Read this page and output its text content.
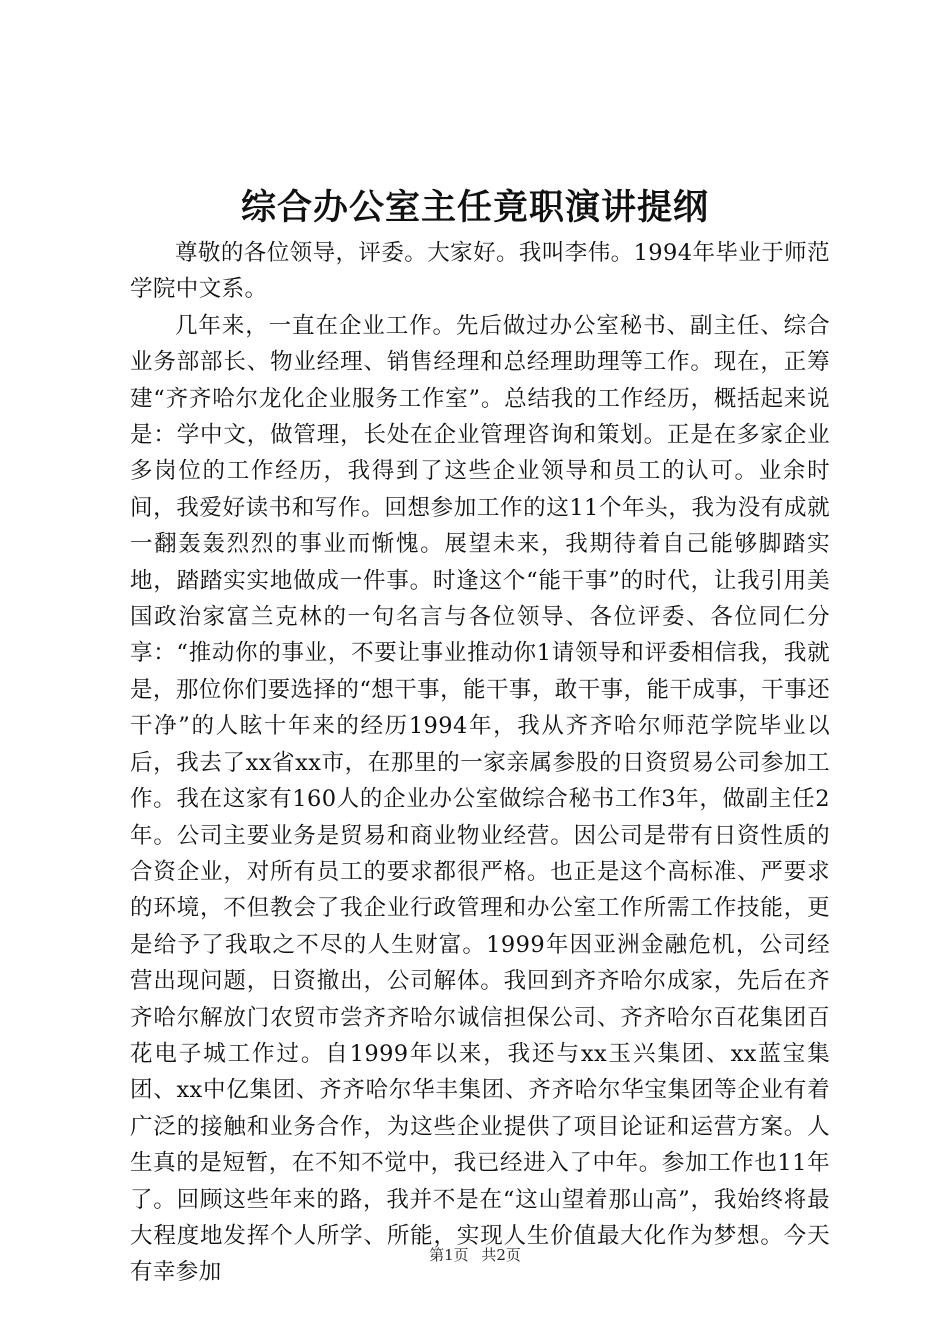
综合办公室主任竟职演讲提纲

尊敬的各位领导，评委。大家好。我叫李伟。1994年毕业于师范学院中文系。

几年来，一直在企业工作。先后做过办公室秘书、副主任、综合业务部部长、物业经理、销售经理和总经理助理等工作。现在，正筹建“齐齐哈尔龙化企业服务工作室”。总结我的工作经历，概括起来说是：学中文，做管理，长处在企业管理咨询和策划。正是在多家企业多岗位的工作经历，我得到了这些企业领导和员工的认可。业余时间，我爱好读书和写作。回想参加工作的这11个年头，我为没有成就一翻轰轰烈烈的事业而惭愧。展望未来，我期待着自己能够脚踏实地，踏踏实实地做成一件事。时逢这个“能干事”的时代，让我引用美国政治家富兰克林的一句名言与各位领导、各位评委、各位同仁分享：“推动你的事业，不要让事业推动你1请领导和评委相信我，我就是，那位你们要选择的“想干事，能干事，敢干事，能干成事，干事还干净”的人眩十年来的经历1994年，我从齐齐哈尔师范学院毕业以后，我去了xx省xx市，在那里的一家亲属参股的日资贸易公司参加工作。我在这家有160人的企业办公室做综合秘书工作3年，做副主任2年。公司主要业务是贸易和商业物业经营。因公司是带有日资性质的合资企业，对所有员工的要求都很严格。也正是这个高标准、严要求的环境，不但教会了我企业行政管理和办公室工作所需工作技能，更是给予了我取之不尽的人生财富。1999年因亚洲金融危机，公司经营出现问题，日资撤出，公司解体。我回到齐齐哈尔成家，先后在齐齐哈尔解放门农贸市尝齐齐哈尔诚信担保公司、齐齐哈尔百花集团百花电子城工作过。自1999年以来，我还与xx玉兴集团、xx蓝宝集团、xx中亿集团、齐齐哈尔华丰集团、齐齐哈尔华宝集团等企业有着广泛的接触和业务合作，为这些企业提供了项目论证和运营方案。人生真的是短暂，在不知不觉中，我已经进入了中年。参加工作也11年了。回顾这些年来的路，我并不是在“这山望着那山高”，我始终将最大程度地发挥个人所学、所能，实现人生价值最大化作为梦想。今天有幸参加

第1页 共2页
